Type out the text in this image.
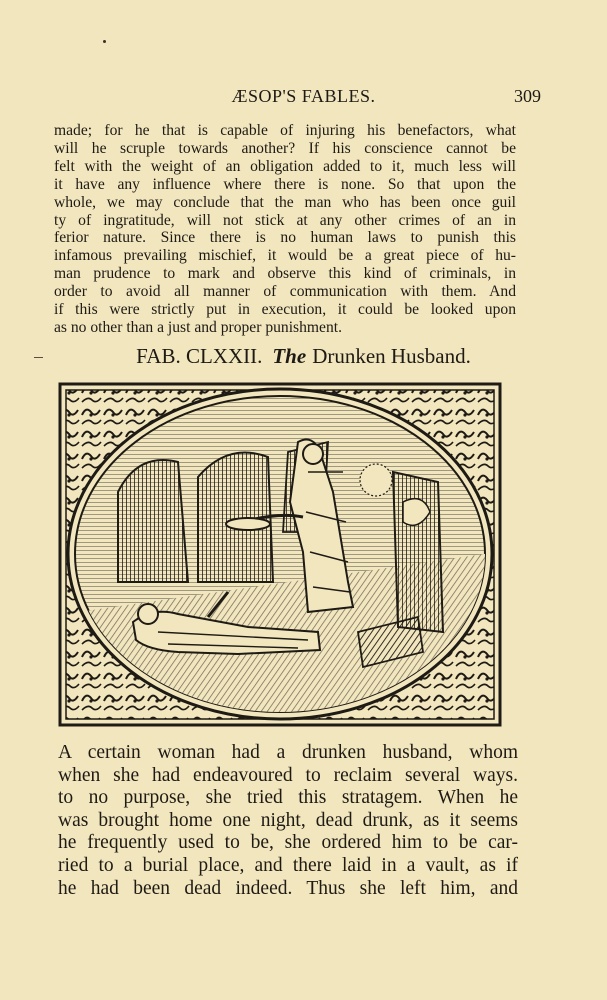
ÆSOP'S FABLES.	309

made; for he that is capable of injuring his benefactors, what
will he scruple towards another? If his conscience cannot be
felt with the weight of an obligation added to it, much less will
it have any influence where there is none. So that upon the
whole, we may conclude that the man who has been once guil
ty of ingratitude, will not stick at any other crimes of an in
ferior nature. Since there is no human laws to punish this
infamous prevailing mischief, it would be a great piece of hu-
man prudence to mark and observe this kind of criminals, in
order to avoid all manner of communication with them. And
if this were strictly put in execution, it could be looked upon
as no other than a just and proper punishment.

FAB. CLXXII. The Drunken Husband.

A certain woman had a drunken husband, whom
when she had endeavoured to reclaim several ways.
to no purpose, she tried this stratagem. When he
was brought home one night, dead drunk, as it seems
he frequently used to be, she ordered him to be car-
ried to a burial place, and there laid in a vault, as if
he had been dead indeed. Thus she left him, and
